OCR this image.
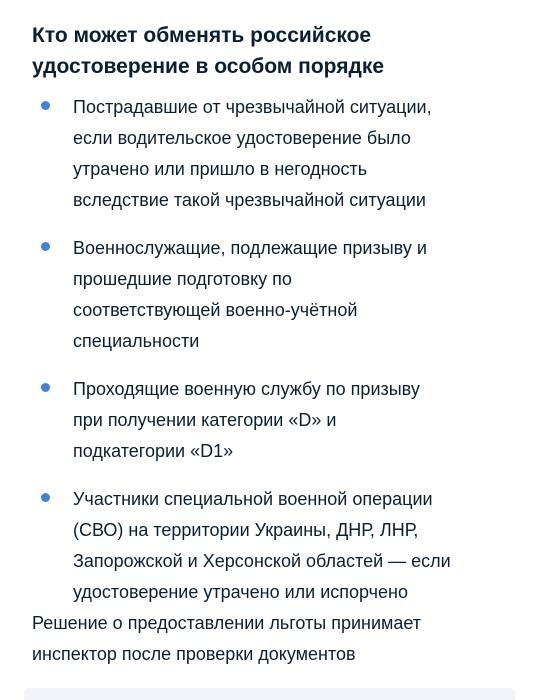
Кто может обменять российское
удостоверение в особом порядке
Пострадавшие от чрезвычайной ситуации,
если водительское удостоверение было
утрачено или пришло в негодность
вследствие такой чрезвычайной ситуации
Военнослужащие, подлежащие призыву и
прошедшие подготовку по
соответствующей военно-учётной
специальности
Проходящие военную службу по призыву
при получении категории «D» и
подкатегории «D1»
Участники специальной военной операции
(СВО) на территории Украины, ДНР, ЛНР,
Запорожской и Херсонской областей — если
удостоверение утрачено или испорчено

Решение о предоставлении льготы принимает
инспектор после проверки документов
